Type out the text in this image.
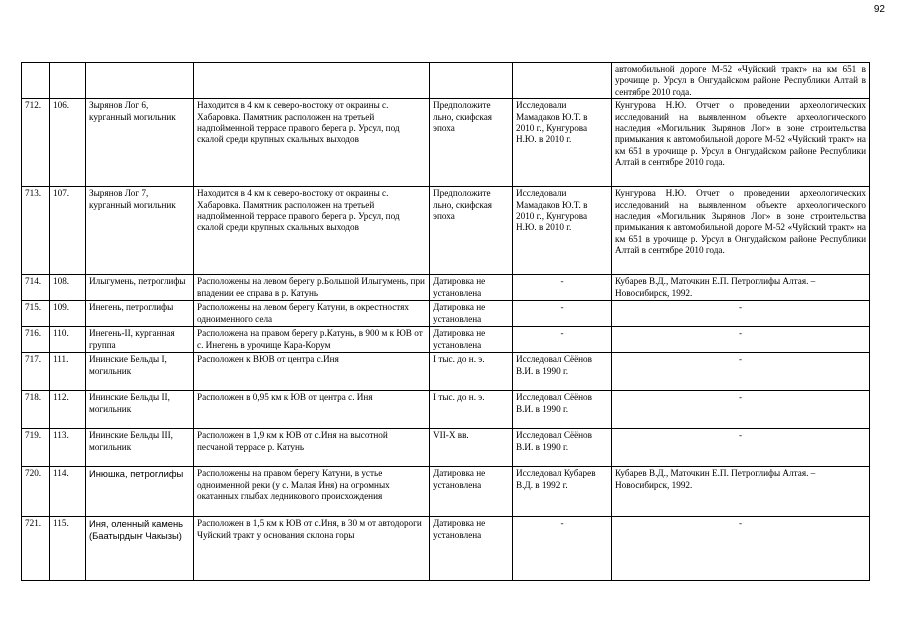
92
						автомобильной дороге М-52 «Чуйский тракт» на км 651 в урочище р. Урсул в Онгудайском районе Республики Алтай в сентябре 2010 года.
712.	106.	Зырянов Лог 6, курганный могильник	Находится в 4 км к северо-востоку от окраины с. Хабаровка. Памятник расположен на третьей надпойменной террасе правого берега р. Урсул, под скалой среди крупных скальных выходов	Предположите льно, скифская эпоха	Исследовали Мамадаков Ю.Т. в 2010 г., Кунгурова Н.Ю. в 2010 г.	Кунгурова Н.Ю. Отчет о проведении археологических исследований на выявленном объекте археологического наследия «Могильник Зырянов Лог» в зоне строительства примыкания к автомобильной дороге М-52 «Чуйский тракт» на км 651 в урочище р. Урсул в Онгудайском районе Республики Алтай в сентябре 2010 года.
713.	107.	Зырянов Лог 7, курганный могильник	Находится в 4 км к северо-востоку от окраины с. Хабаровка. Памятник расположен на третьей надпойменной террасе правого берега р. Урсул, под скалой среди крупных скальных выходов	Предположите льно, скифская эпоха	Исследовали Мамадаков Ю.Т. в 2010 г., Кунгурова Н.Ю. в 2010 г.	Кунгурова Н.Ю. Отчет о проведении археологических исследований на выявленном объекте археологического наследия «Могильник Зырянов Лог» в зоне строительства примыкания к автомобильной дороге М-52 «Чуйский тракт» на км 651 в урочище р. Урсул в Онгудайском районе Республики Алтай в сентябре 2010 года.
714.	108.	Илыгумень, петроглифы	Расположены на левом берегу р.Большой Илыгумень, при впадении ее справа в р. Катунь	Датировка не установлена	-	Кубарев В.Д., Маточкин Е.П. Петроглифы Алтая. – Новосибирск, 1992.
715.	109.	Инегень, петроглифы	Расположены на левом берегу Катуни, в окрестностях одноименного села	Датировка не установлена	-	-
716.	110.	Инегень-II, курганная группа	Расположена на правом берегу р.Катунь, в 900 м к ЮВ от с. Инегень в урочище Кара-Корум	Датировка не установлена	-	-
717.	111.	Ининские Бельды I, могильник	Расположен к ВЮВ от центра с.Иня	I тыс. до н. э.	Исследовал Сёёнов В.И. в 1990 г.	-
718.	112.	Ининские Бельды II, могильник	Расположен в 0,95 км к ЮВ от центра с. Иня	I тыс. до н. э.	Исследовал Сёёнов В.И. в 1990 г.	-
719.	113.	Ининские Бельды III, могильник	Расположен в 1,9 км к ЮВ от с.Иня на высотной песчаной террасе р. Катунь	VII-X вв.	Исследовал Сёёнов В.И. в 1990 г.	-
720.	114.	Инюшка, петроглифы	Расположены на правом берегу Катуни, в устье одноименной реки (у с. Малая Иня) на огромных окатанных глыбах ледникового происхождения	Датировка не установлена	Исследовал Кубарев В.Д. в 1992 г.	Кубарев В.Д., Маточкин Е.П. Петроглифы Алтая. – Новосибирск, 1992.
721.	115.	Иня, оленный камень (Баатырдыҥ Чакызы)	Расположен в 1,5 км к ЮВ от с.Иня, в 30 м от автодороги Чуйский тракт у основания склона горы	Датировка не установлена	-	-
